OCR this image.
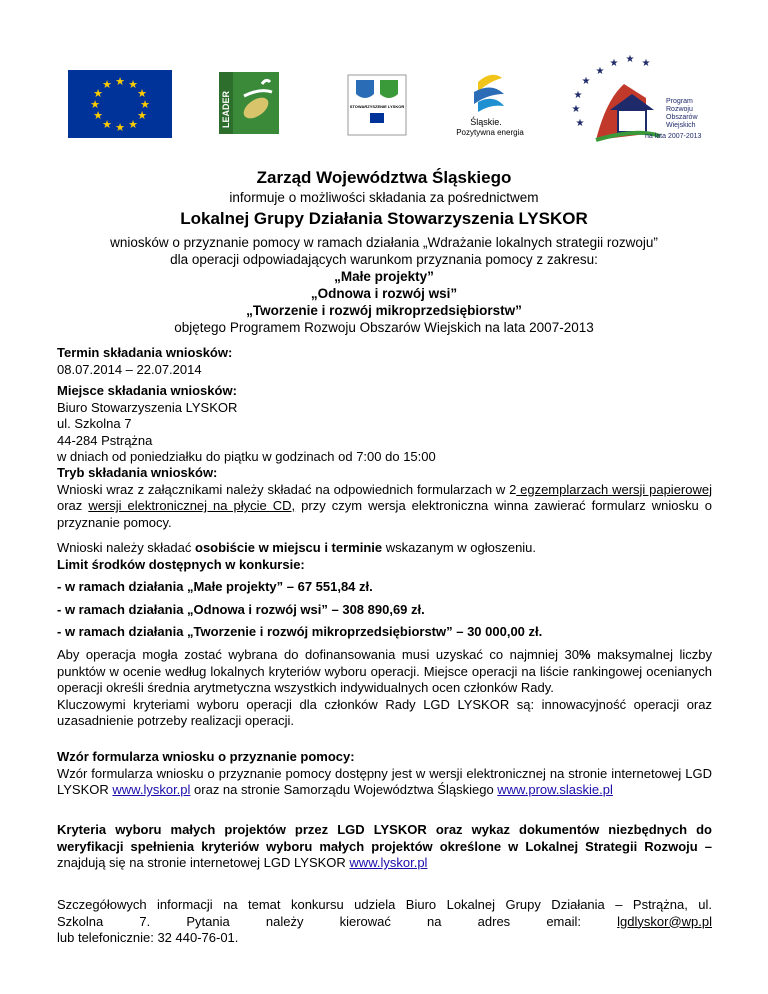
★ ★
★
★
★
★
★
★
★
★
★
★
LEADER	STOWARZYSZENIE LYSKOR
Śląskie.
Pozytywna energia
★
★ ★ ★
★
★
★
★
Program
Rozwoju
Obszarów
Wiejskich
na lata 2007-2013
Zarząd Województwa Śląskiego
informuje o możliwości składania za pośrednictwem
Lokalnej Grupy Działania Stowarzyszenia LYSKOR
wniosków o przyznanie pomocy w ramach działania „Wdrażanie lokalnych strategii rozwoju”
dla operacji odpowiadających warunkom przyznania pomocy z zakresu:
„Małe projekty”
„Odnowa i rozwój wsi”
„Tworzenie i rozwój mikroprzedsiębiorstw”
objętego Programem Rozwoju Obszarów Wiejskich na lata 2007-2013

Termin składania wniosków:

08.07.2014 – 22.07.2014

Miejsce składania wniosków:

Biuro Stowarzyszenia LYSKOR

ul. Szkolna 7

44-284 Pstrążna

w dniach od poniedziałku do piątku w godzinach od 7:00 do 15:00

Tryb składania wniosków:

Wnioski wraz z załącznikami należy składać na odpowiednich formularzach w 2 egzemplarzach wersji papierowej oraz wersji elektronicznej na płycie CD, przy czym wersja elektroniczna winna zawierać formularz wniosku o przyznanie pomocy.

Wnioski należy składać osobiście w miejscu i terminie wskazanym w ogłoszeniu.

Limit środków dostępnych w konkursie:

- w ramach działania „Małe projekty” – 67 551,84 zł.
- w ramach działania „Odnowa i rozwój wsi” – 308 890,69 zł.
- w ramach działania „Tworzenie i rozwój mikroprzedsiębiorstw” – 30 000,00 zł.

Aby operacja mogła zostać wybrana do dofinansowania musi uzyskać co najmniej 30% maksymalnej liczby punktów w ocenie według lokalnych kryteriów wyboru operacji. Miejsce operacji na liście rankingowej ocenianych operacji określi średnia arytmetyczna wszystkich indywidualnych ocen członków Rady.

Kluczowymi kryteriami wyboru operacji dla członków Rady LGD LYSKOR są: innowacyjność operacji oraz uzasadnienie potrzeby realizacji operacji.

Wzór formularza wniosku o przyznanie pomocy:

Wzór formularza wniosku o przyznanie pomocy dostępny jest w wersji elektronicznej na stronie internetowej LGD LYSKOR www.lyskor.pl oraz na stronie Samorządu Województwa Śląskiego www.prow.slaskie.pl

Kryteria wyboru małych projektów przez LGD LYSKOR oraz wykaz dokumentów niezbędnych do weryfikacji spełnienia kryteriów wyboru małych projektów określone w Lokalnej Strategii Rozwoju – znajdują się na stronie internetowej LGD LYSKOR www.lyskor.pl

Szczegółowych informacji na temat konkursu udziela Biuro Lokalnej Grupy Działania – Pstrążna, ul.

Szkolna 7. Pytania należy kierować na adres email: lgdlyskor@wp.pl

lub telefonicznie: 32 440-76-01.
